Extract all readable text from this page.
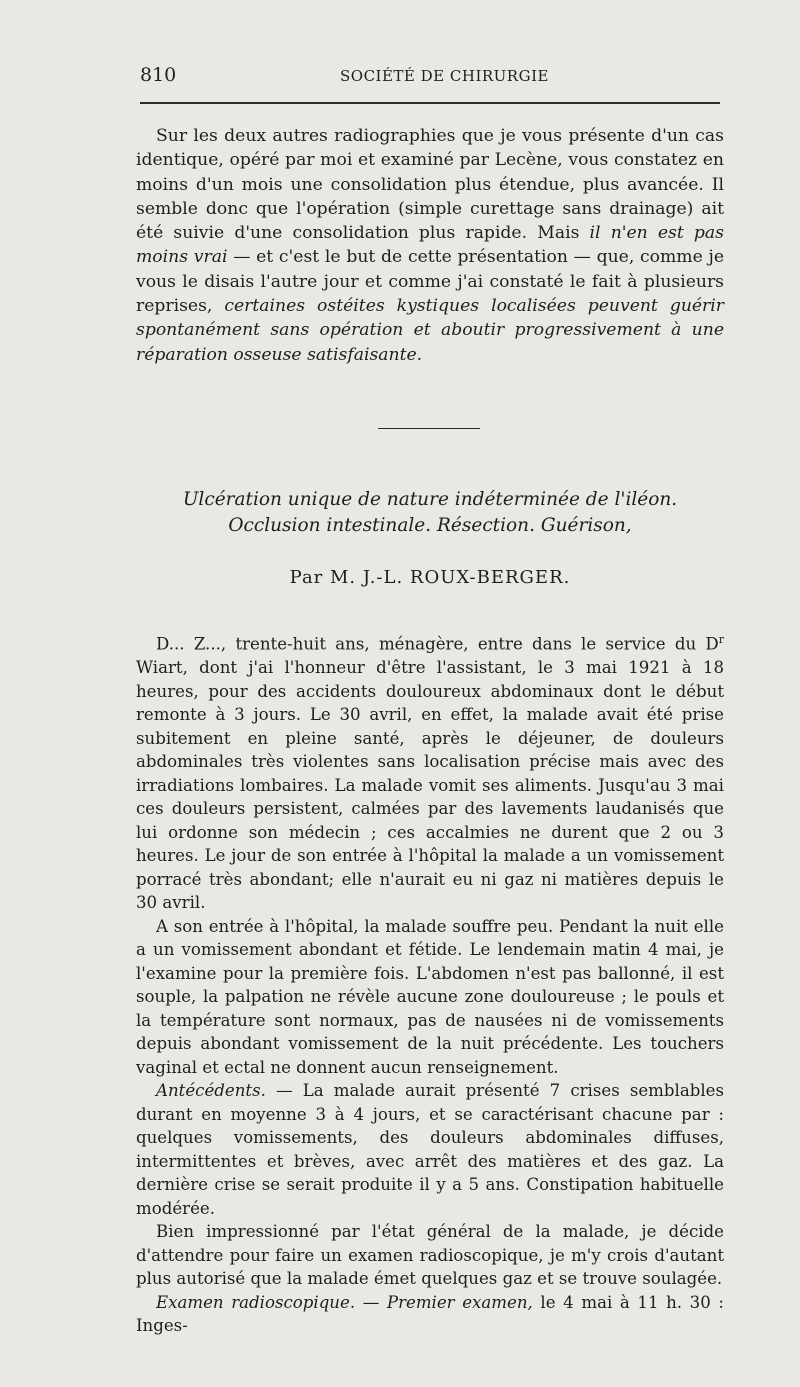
810	SOCIÉTÉ DE CHIRURGIE

Sur les deux autres radiographies que je vous présente d'un cas identique, opéré par moi et examiné par Lecène, vous constatez en moins d'un mois une consolidation plus étendue, plus avancée. Il semble donc que l'opération (simple curettage sans drainage) ait été suivie d'une consolidation plus rapide. Mais il n'en est pas moins vrai — et c'est le but de cette présentation — que, comme je vous le disais l'autre jour et comme j'ai constaté le fait à plusieurs reprises, certaines ostéites kystiques localisées peuvent guérir spontanément sans opération et aboutir progressivement à une réparation osseuse satisfaisante.

Ulcération unique de nature indéterminée de l'iléon.
Occlusion intestinale. Résection. Guérison,
Par M. J.-L. ROUX-BERGER.

D... Z..., trente-huit ans, ménagère, entre dans le service du $D^r$ Wiart, dont j'ai l'honneur d'être l'assistant, le 3 mai 1921 à 18 heures, pour des accidents douloureux abdominaux dont le début remonte à 3 jours. Le 30 avril, en effet, la malade avait été prise subitement en pleine santé, après le déjeuner, de douleurs abdominales très violentes sans localisation précise mais avec des irradiations lombaires. La malade vomit ses aliments. Jusqu'au 3 mai ces douleurs persistent, calmées par des lavements laudanisés que lui ordonne son médecin ; ces accalmies ne durent que 2 ou 3 heures. Le jour de son entrée à l'hôpital la malade a un vomissement porracé très abondant; elle n'aurait eu ni gaz ni matières depuis le 30 avril.

A son entrée à l'hôpital, la malade souffre peu. Pendant la nuit elle a un vomissement abondant et fétide. Le lendemain matin 4 mai, je l'examine pour la première fois. L'abdomen n'est pas ballonné, il est souple, la palpation ne révèle aucune zone douloureuse ; le pouls et la température sont normaux, pas de nausées ni de vomissements depuis abondant vomissement de la nuit précédente. Les touchers vaginal et ectal ne donnent aucun renseignement.

Antécédents. — La malade aurait présenté 7 crises semblables durant en moyenne 3 à 4 jours, et se caractérisant chacune par : quelques vomissements, des douleurs abdominales diffuses, intermittentes et brèves, avec arrêt des matières et des gaz. La dernière crise se serait produite il y a 5 ans. Constipation habituelle modérée.

Bien impressionné par l'état général de la malade, je décide d'attendre pour faire un examen radioscopique, je m'y crois d'autant plus autorisé que la malade émet quelques gaz et se trouve soulagée.

Examen radioscopique. — Premier examen, le 4 mai à 11 h. 30 : Inges-
